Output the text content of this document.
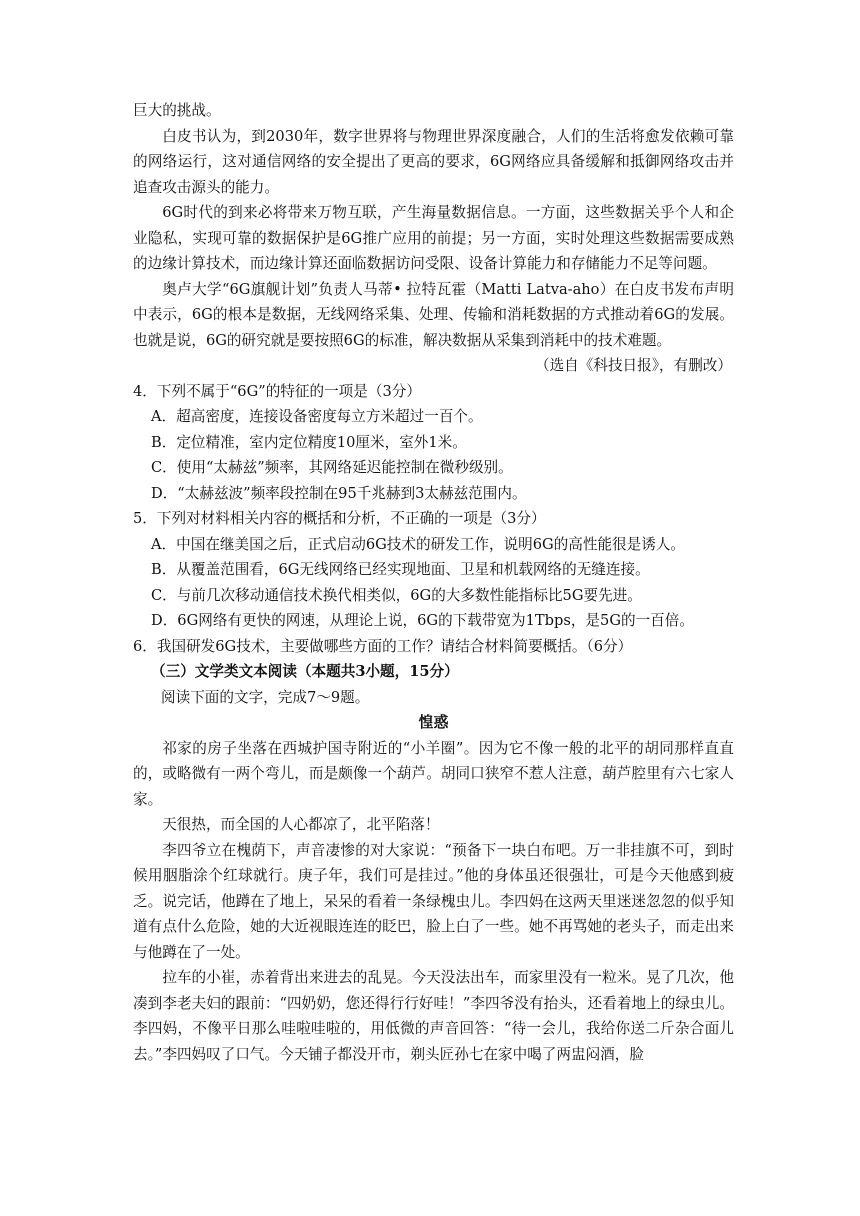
巨大的挑战。

白皮书认为，到2030年，数字世界将与物理世界深度融合，人们的生活将愈发依赖可靠的网络运行，这对通信网络的安全提出了更高的要求，6G网络应具备缓解和抵御网络攻击并追查攻击源头的能力。

6G时代的到来必将带来万物互联，产生海量数据信息。一方面，这些数据关乎个人和企业隐私，实现可靠的数据保护是6G推广应用的前提；另一方面，实时处理这些数据需要成熟的边缘计算技术，而边缘计算还面临数据访问受限、设备计算能力和存储能力不足等问题。

奥卢大学“6G旗舰计划”负责人马蒂• 拉特瓦霍（Matti Latva-aho）在白皮书发布声明中表示，6G的根本是数据，无线网络采集、处理、传输和消耗数据的方式推动着6G的发展。也就是说，6G的研究就是要按照6G的标准，解决数据从采集到消耗中的技术难题。

（选自《科技日报》，有删改）

4．下列不属于“6G”的特征的一项是（3分）

A．超高密度，连接设备密度每立方米超过一百个。

B．定位精准，室内定位精度10厘米，室外1米。

C．使用“太赫兹”频率，其网络延迟能控制在微秒级别。

D．“太赫兹波”频率段控制在95千兆赫到3太赫兹范围内。

5．下列对材料相关内容的概括和分析，不正确的一项是（3分）

A．中国在继美国之后，正式启动6G技术的研发工作，说明6G的高性能很是诱人。

B．从覆盖范围看，6G无线网络已经实现地面、卫星和机载网络的无缝连接。

C．与前几次移动通信技术换代相类似，6G的大多数性能指标比5G要先进。

D．6G网络有更快的网速，从理论上说，6G的下载带宽为1Tbps，是5G的一百倍。

6．我国研发6G技术，主要做哪些方面的工作？请结合材料简要概括。（6分）

（三）文学类文本阅读（本题共3小题，15分）

阅读下面的文字，完成7～9题。

惶惑

祁家的房子坐落在西城护国寺附近的“小羊圈”。因为它不像一般的北平的胡同那样直直的，或略微有一两个弯儿，而是颇像一个葫芦。胡同口狭窄不惹人注意，葫芦腔里有六七家人家。

天很热，而全国的人心都凉了，北平陷落！

李四爷立在槐荫下，声音凄惨的对大家说：“预备下一块白布吧。万一非挂旗不可，到时候用胭脂涂个红球就行。庚子年，我们可是挂过。”他的身体虽还很强壮，可是今天他感到疲乏。说完话，他蹲在了地上，呆呆的看着一条绿槐虫儿。李四妈在这两天里迷迷忽忽的似乎知道有点什么危险，她的大近视眼连连的眨巴，脸上白了一些。她不再骂她的老头子，而走出来与他蹲在了一处。

拉车的小崔，赤着背出来进去的乱晃。今天没法出车，而家里没有一粒米。晃了几次，他凑到李老夫妇的跟前：“四奶奶，您还得行行好哇！”李四爷没有抬头，还看着地上的绿虫儿。李四妈，不像平日那么哇啦哇啦的，用低微的声音回答：“待一会儿，我给你送二斤杂合面儿去。”李四妈叹了口气。今天铺子都没开市，剃头匠孙七在家中喝了两盅闷酒，脸
